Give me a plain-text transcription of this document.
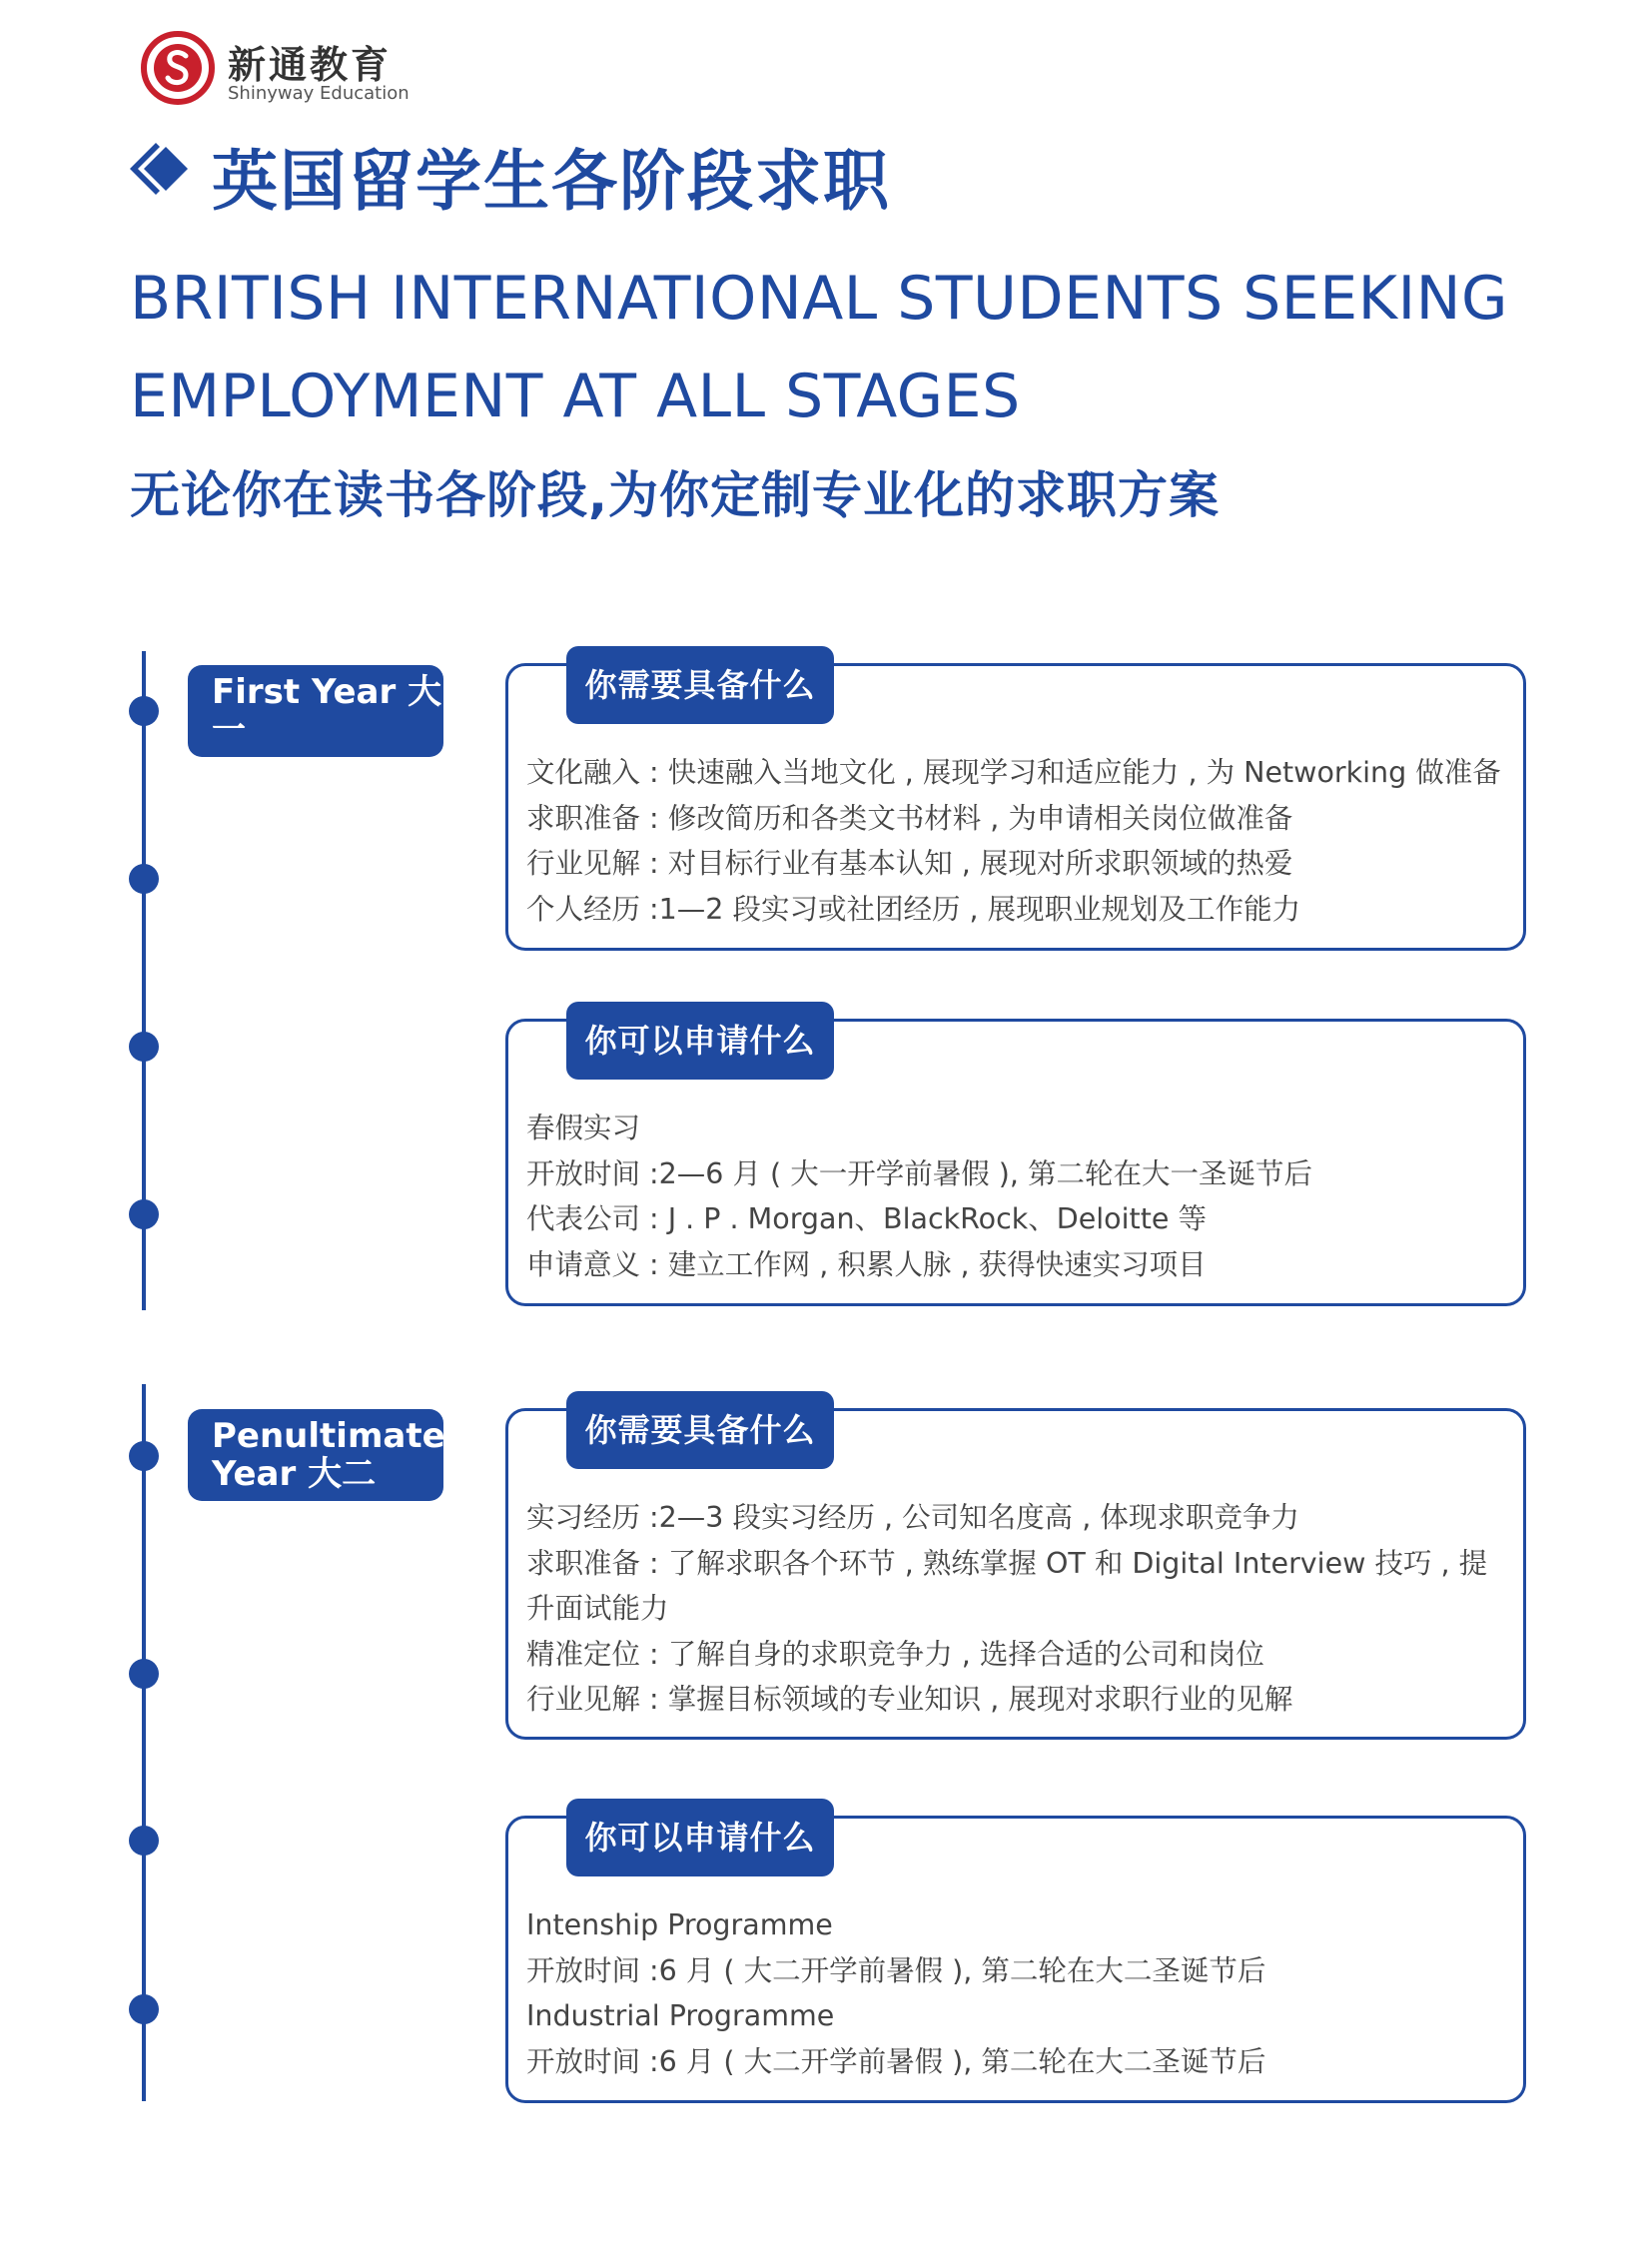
新通教育
Shinyway Education
英国留学生各阶段求职
BRITISH INTERNATIONAL STUDENTS SEEKING EMPLOYMENT AT ALL STAGES
无论你在读书各阶段,为你定制专业化的求职方案
First Year 大一
你需要具备什么
文化融入 : 快速融入当地文化 , 展现学习和适应能力 , 为 Networking 做准备
求职准备 : 修改简历和各类文书材料 , 为申请相关岗位做准备
行业见解 : 对目标行业有基本认知 , 展现对所求职领域的热爱
个人经历 :1—2 段实习或社团经历 , 展现职业规划及工作能力
你可以申请什么
春假实习
开放时间 :2—6 月 ( 大一开学前暑假 ), 第二轮在大一圣诞节后
代表公司 : J . P . Morgan、BlackRock、Deloitte 等
申请意义 : 建立工作网 , 积累人脉 , 获得快速实习项目
Penultimate Year 大二
你需要具备什么
实习经历 :2—3 段实习经历 , 公司知名度高 , 体现求职竞争力
求职准备 : 了解求职各个环节 , 熟练掌握 OT 和 Digital Interview 技巧 , 提升面试能力
精准定位 : 了解自身的求职竞争力 , 选择合适的公司和岗位
行业见解 : 掌握目标领域的专业知识 , 展现对求职行业的见解
你可以申请什么
Intenship Programme
开放时间 :6 月 ( 大二开学前暑假 ), 第二轮在大二圣诞节后
Industrial Programme
开放时间 :6 月 ( 大二开学前暑假 ), 第二轮在大二圣诞节后
